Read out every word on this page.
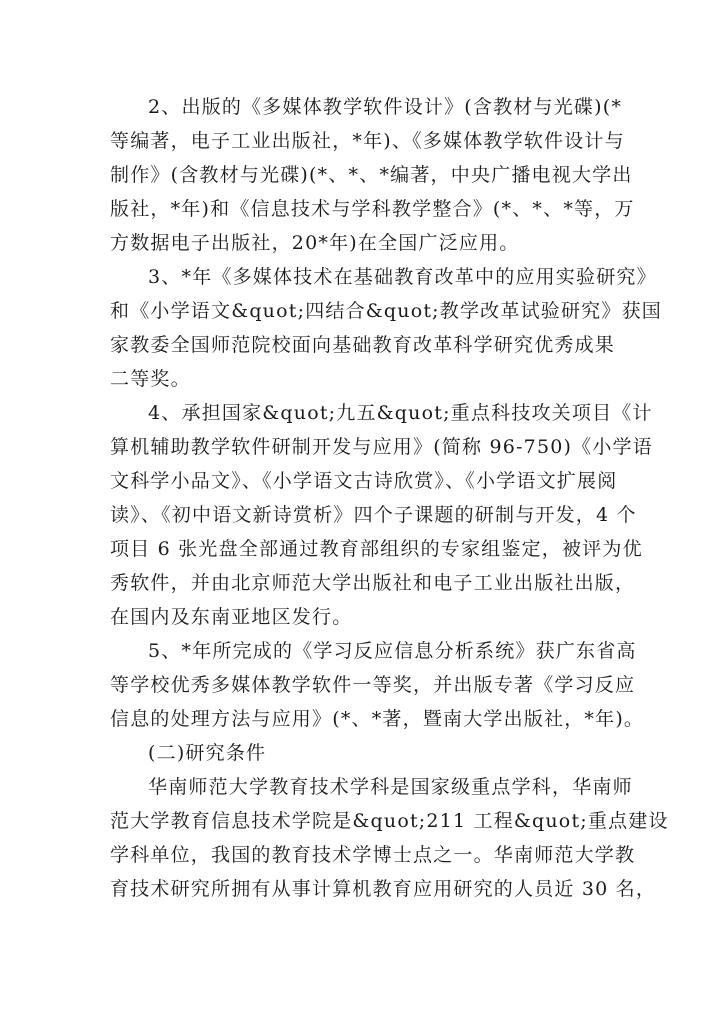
2、出版的《多媒体教学软件设计》(含教材与光碟)(*
等编著，电子工业出版社，*年)、《多媒体教学软件设计与
制作》(含教材与光碟)(*、*、*编著，中央广播电视大学出
版社，*年)和《信息技术与学科教学整合》(*、*、*等，万
方数据电子出版社，20*年)在全国广泛应用。
3、*年《多媒体技术在基础教育改革中的应用实验研究》
和《小学语文&quot;四结合&quot;教学改革试验研究》获国
家教委全国师范院校面向基础教育改革科学研究优秀成果
二等奖。
4、承担国家&quot;九五&quot;重点科技攻关项目《计
算机辅助教学软件研制开发与应用》(简称 96-750)《小学语
文科学小品文》、《小学语文古诗欣赏》、《小学语文扩展阅
读》、《初中语文新诗赏析》四个子课题的研制与开发，4 个
项目 6 张光盘全部通过教育部组织的专家组鉴定，被评为优
秀软件，并由北京师范大学出版社和电子工业出版社出版，
在国内及东南亚地区发行。
5、*年所完成的《学习反应信息分析系统》获广东省高
等学校优秀多媒体教学软件一等奖，并出版专著《学习反应
信息的处理方法与应用》(*、*著，暨南大学出版社，*年)。
(二)研究条件
华南师范大学教育技术学科是国家级重点学科，华南师
范大学教育信息技术学院是&quot;211 工程&quot;重点建设
学科单位，我国的教育技术学博士点之一。华南师范大学教
育技术研究所拥有从事计算机教育应用研究的人员近 30 名，
